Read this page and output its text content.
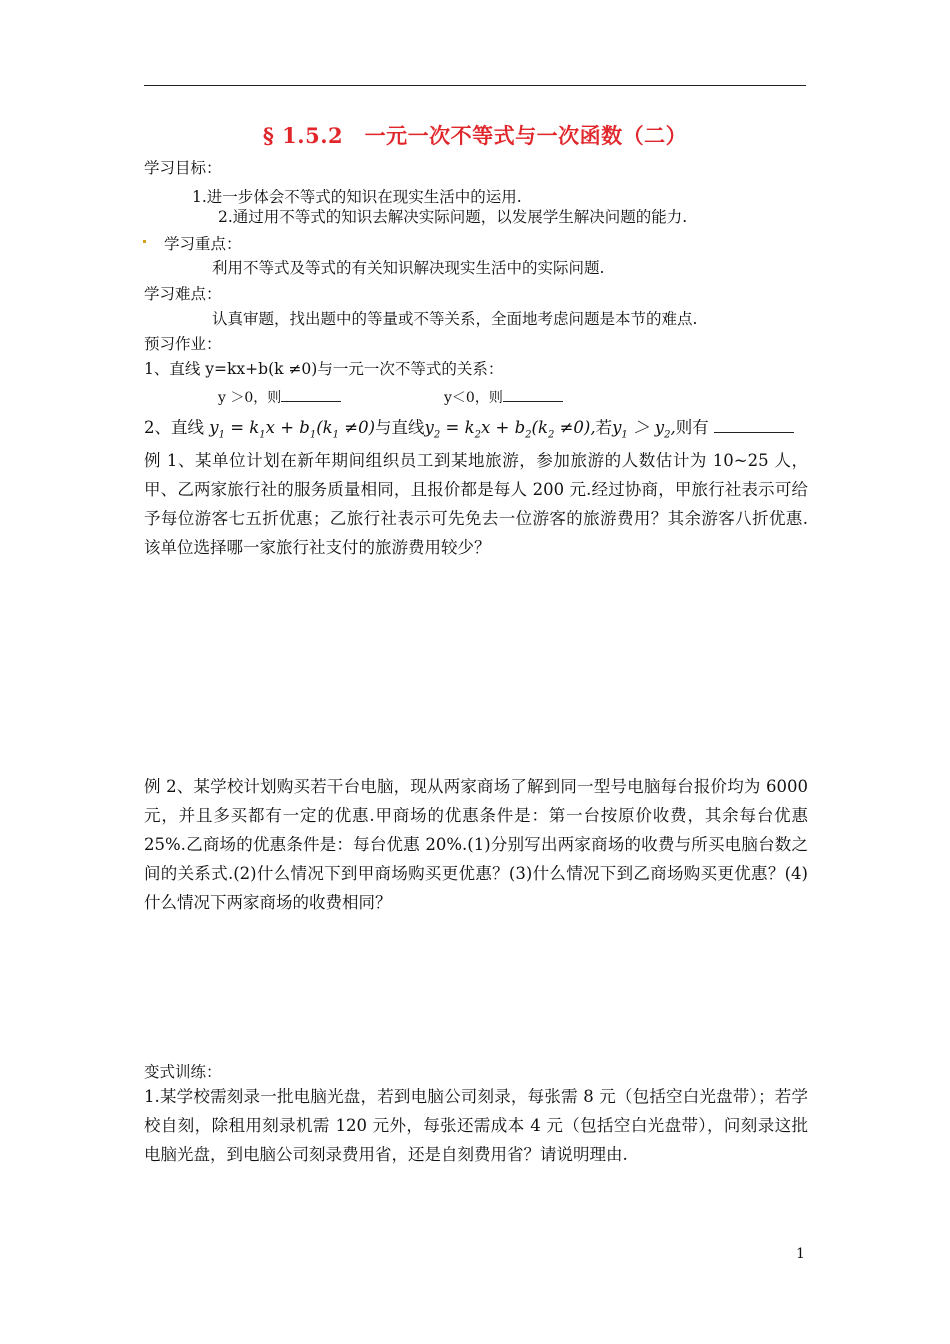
§ 1.5.2　一元一次不等式与一次函数（二）
学习目标：
1.进一步体会不等式的知识在现实生活中的运用.
2.通过用不等式的知识去解决实际问题，以发展学生解决问题的能力.
学习重点：
利用不等式及等式的有关知识解决现实生活中的实际问题.
学习难点：
认真审题，找出题中的等量或不等关系，全面地考虑问题是本节的难点.
预习作业：
1、直线 y=kx+b(k ≠0)与一元一次不等式的关系：
y ＞0，则	y＜0，则
2、直线 $y_1 = k_1x + b_1(k_1 \ne 0)$与直线$y_2 = k_2x + b_2(k_2 \ne 0)$,若$y_1 > y_2$,则有
例 1、某单位计划在新年期间组织员工到某地旅游，参加旅游的人数估计为 10~25 人，甲、乙两家旅行社的服务质量相同，且报价都是每人 200 元.经过协商，甲旅行社表示可给予每位游客七五折优惠；乙旅行社表示可先免去一位游客的旅游费用？其余游客八折优惠.该单位选择哪一家旅行社支付的旅游费用较少？
例 2、某学校计划购买若干台电脑，现从两家商场了解到同一型号电脑每台报价均为 6000 元，并且多买都有一定的优惠.甲商场的优惠条件是：第一台按原价收费，其余每台优惠 25%.乙商场的优惠条件是：每台优惠 20%.(1)分别写出两家商场的收费与所买电脑台数之间的关系式.(2)什么情况下到甲商场购买更优惠？(3)什么情况下到乙商场购买更优惠？(4)什么情况下两家商场的收费相同？
变式训练：
1.某学校需刻录一批电脑光盘，若到电脑公司刻录，每张需 8 元（包括空白光盘带）；若学校自刻，除租用刻录机需 120 元外，每张还需成本 4 元（包括空白光盘带），问刻录这批电脑光盘，到电脑公司刻录费用省，还是自刻费用省？请说明理由.
1
